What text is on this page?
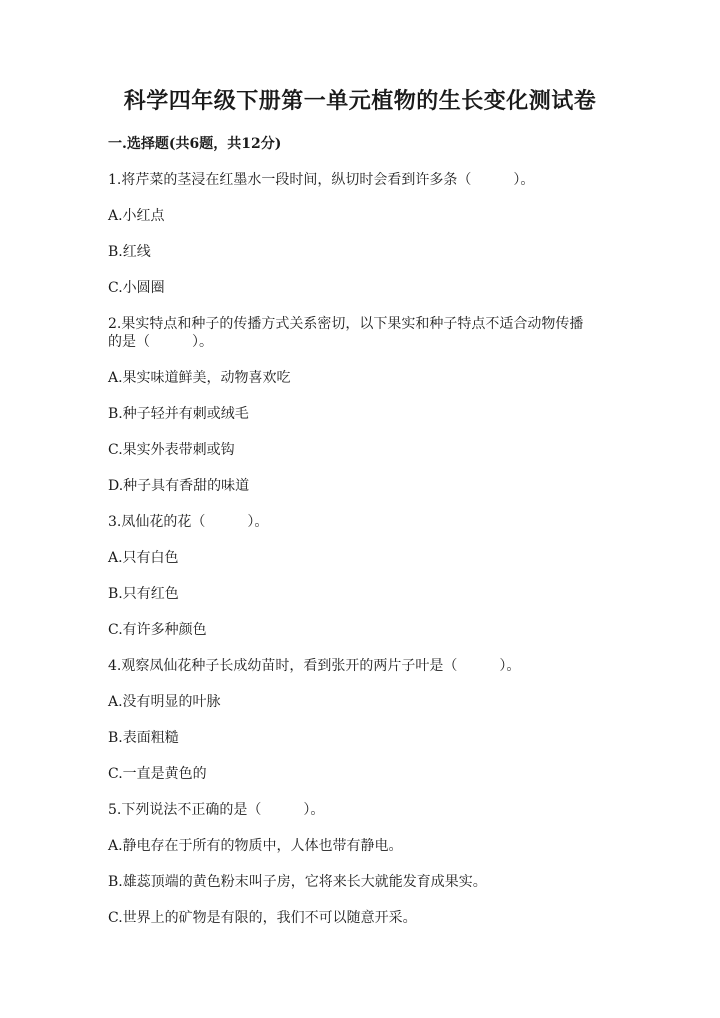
科学四年级下册第一单元植物的生长变化测试卷
一.选择题(共6题，共12分)
1.将芹菜的茎浸在红墨水一段时间，纵切时会看到许多条（　　　）。
A.小红点
B.红线
C.小圆圈
2.果实特点和种子的传播方式关系密切，以下果实和种子特点不适合动物传播
的是（　　　）。
A.果实味道鲜美，动物喜欢吃
B.种子轻并有刺或绒毛
C.果实外表带刺或钩
D.种子具有香甜的味道
3.凤仙花的花（　　　）。
A.只有白色
B.只有红色
C.有许多种颜色
4.观察凤仙花种子长成幼苗时，看到张开的两片子叶是（　　　）。
A.没有明显的叶脉
B.表面粗糙
C.一直是黄色的
5.下列说法不正确的是（　　　）。
A.静电存在于所有的物质中，人体也带有静电。
B.雄蕊顶端的黄色粉末叫子房，它将来长大就能发育成果实。
C.世界上的矿物是有限的，我们不可以随意开采。
